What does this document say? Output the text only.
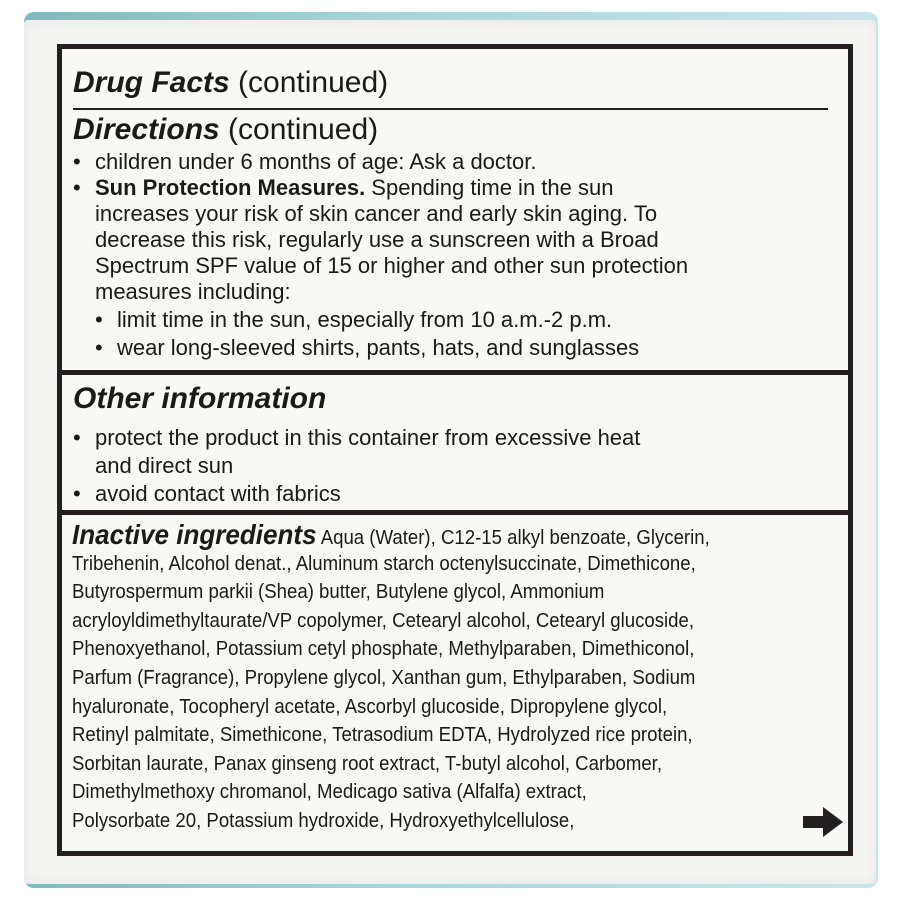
Drug Facts (continued)
Directions (continued)
• children under 6 months of age: Ask a doctor.
• Sun Protection Measures. Spending time in the sun
increases your risk of skin cancer and early skin aging. To
decrease this risk, regularly use a sunscreen with a Broad
Spectrum SPF value of 15 or higher and other sun protection
measures including:
• limit time in the sun, especially from 10 a.m.-2 p.m.
• wear long-sleeved shirts, pants, hats, and sunglasses
Other information
• protect the product in this container from excessive heat
and direct sun
• avoid contact with fabrics
Inactive ingredients Aqua (Water), C12-15 alkyl benzoate, Glycerin,
Tribehenin, Alcohol denat., Aluminum starch octenylsuccinate, Dimethicone,
Butyrospermum parkii (Shea) butter, Butylene glycol, Ammonium
acryloyldimethyltaurate/VP copolymer, Cetearyl alcohol, Cetearyl glucoside,
Phenoxyethanol, Potassium cetyl phosphate, Methylparaben, Dimethiconol,
Parfum (Fragrance), Propylene glycol, Xanthan gum, Ethylparaben, Sodium
hyaluronate, Tocopheryl acetate, Ascorbyl glucoside, Dipropylene glycol,
Retinyl palmitate, Simethicone, Tetrasodium EDTA, Hydrolyzed rice protein,
Sorbitan laurate, Panax ginseng root extract, T-butyl alcohol, Carbomer,
Dimethylmethoxy chromanol, Medicago sativa (Alfalfa) extract,
Polysorbate 20, Potassium hydroxide, Hydroxyethylcellulose,
